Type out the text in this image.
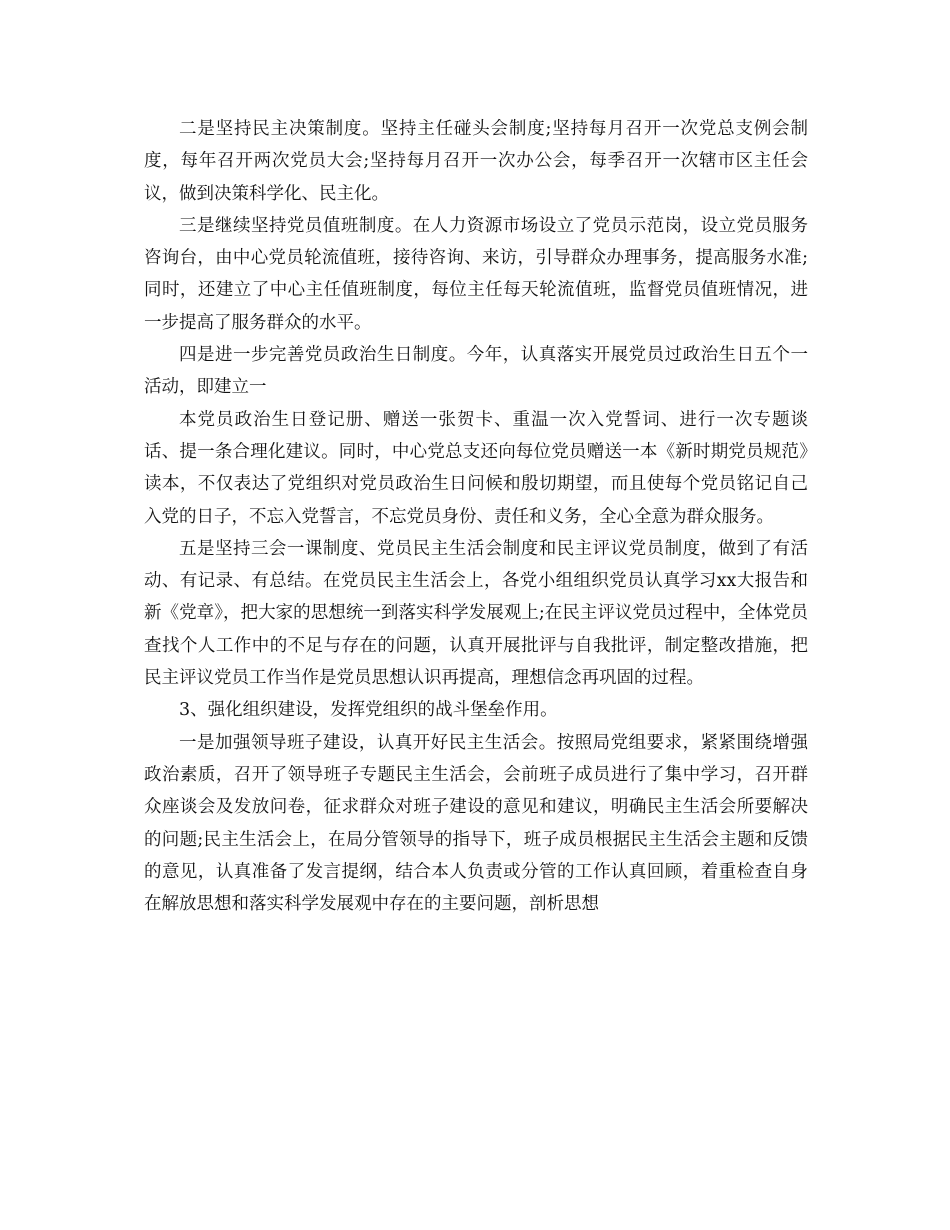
二是坚持民主决策制度。坚持主任碰头会制度;坚持每月召开一次党总支例会制度，每年召开两次党员大会;坚持每月召开一次办公会，每季召开一次辖市区主任会议，做到决策科学化、民主化。

三是继续坚持党员值班制度。在人力资源市场设立了党员示范岗，设立党员服务咨询台，由中心党员轮流值班，接待咨询、来访，引导群众办理事务，提高服务水准;同时，还建立了中心主任值班制度，每位主任每天轮流值班，监督党员值班情况，进一步提高了服务群众的水平。

四是进一步完善党员政治生日制度。今年，认真落实开展党员过政治生日五个一活动，即建立一

本党员政治生日登记册、赠送一张贺卡、重温一次入党誓词、进行一次专题谈话、提一条合理化建议。同时，中心党总支还向每位党员赠送一本《新时期党员规范》读本，不仅表达了党组织对党员政治生日问候和殷切期望，而且使每个党员铭记自己入党的日子，不忘入党誓言，不忘党员身份、责任和义务，全心全意为群众服务。

五是坚持三会一课制度、党员民主生活会制度和民主评议党员制度，做到了有活动、有记录、有总结。在党员民主生活会上，各党小组组织党员认真学习xx大报告和新《党章》，把大家的思想统一到落实科学发展观上;在民主评议党员过程中，全体党员查找个人工作中的不足与存在的问题，认真开展批评与自我批评，制定整改措施，把民主评议党员工作当作是党员思想认识再提高，理想信念再巩固的过程。

3、强化组织建设，发挥党组织的战斗堡垒作用。

一是加强领导班子建设，认真开好民主生活会。按照局党组要求，紧紧围绕增强政治素质，召开了领导班子专题民主生活会，会前班子成员进行了集中学习，召开群众座谈会及发放问卷，征求群众对班子建设的意见和建议，明确民主生活会所要解决的问题;民主生活会上，在局分管领导的指导下，班子成员根据民主生活会主题和反馈的意见，认真准备了发言提纲，结合本人负责或分管的工作认真回顾，着重检查自身在解放思想和落实科学发展观中存在的主要问题，剖析思想
